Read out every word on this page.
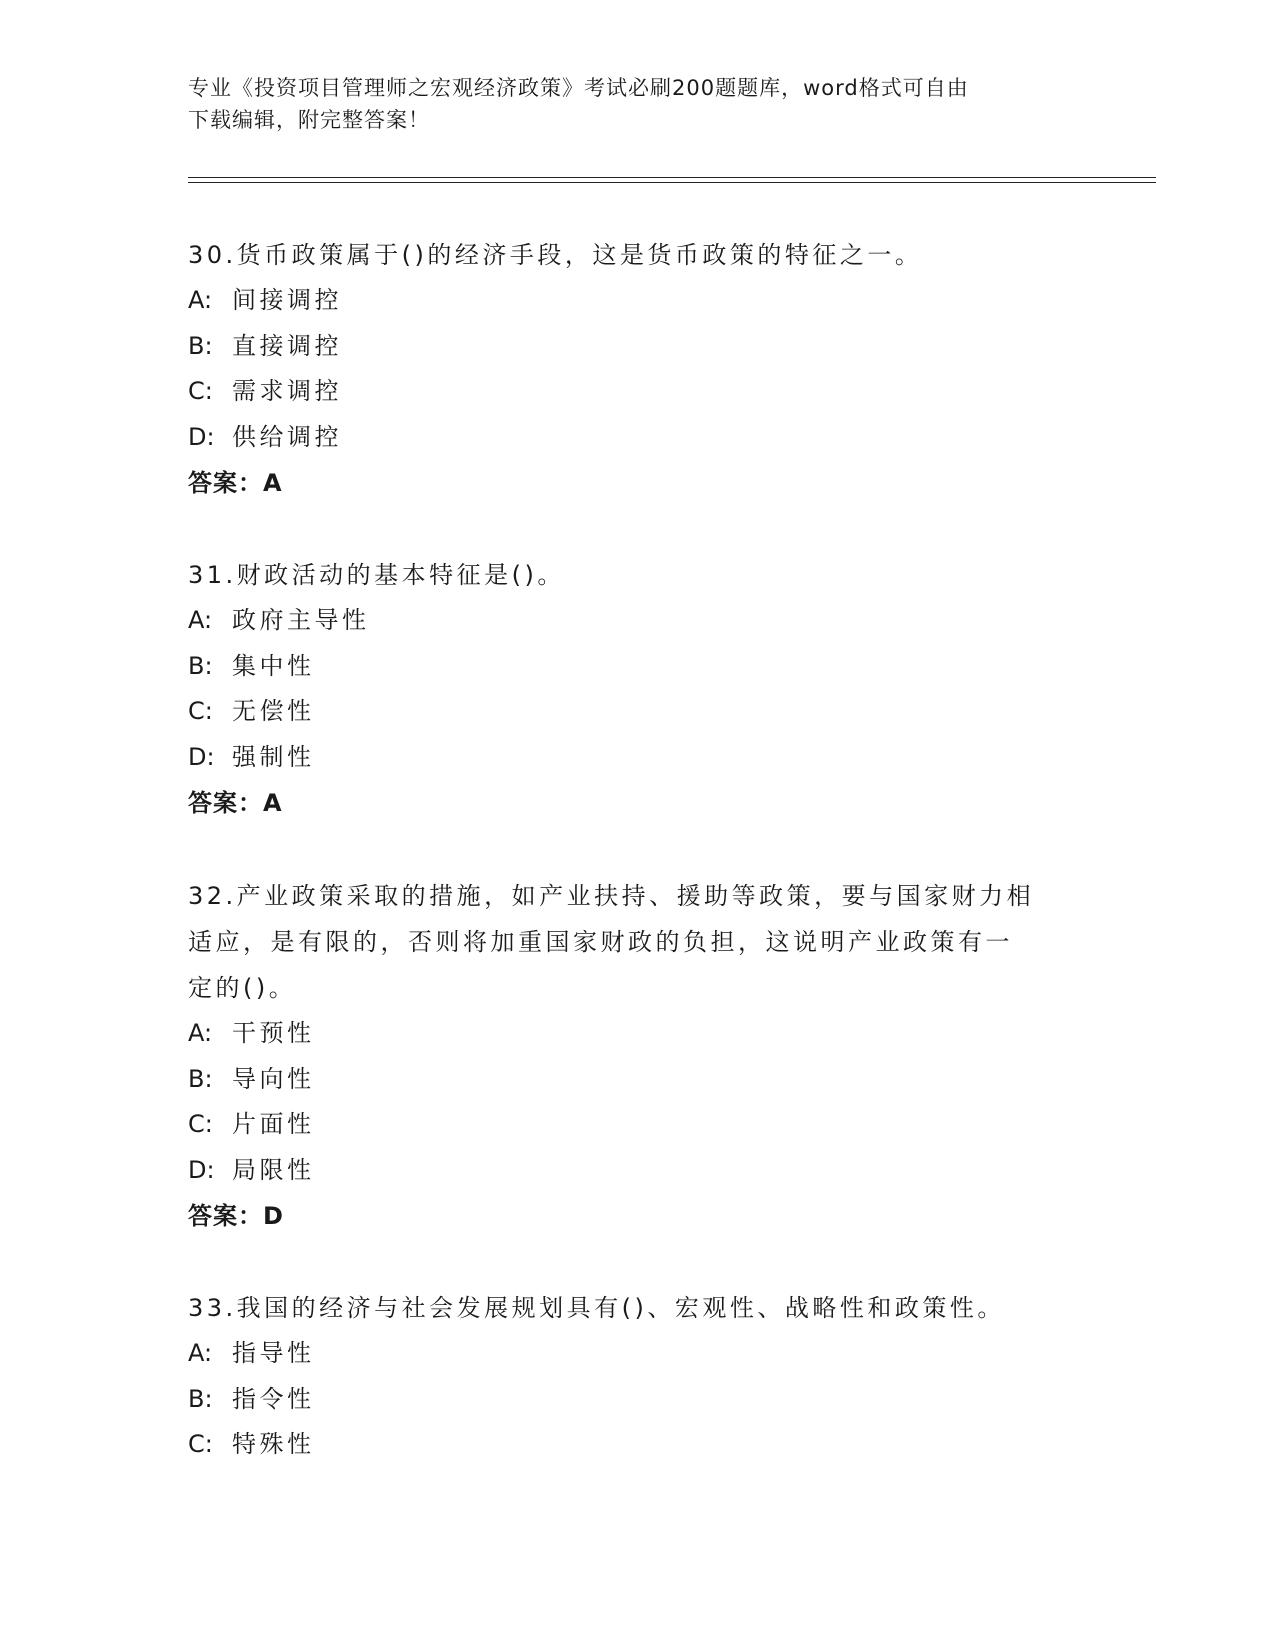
专业《投资项目管理师之宏观经济政策》考试必刷200题题库，word格式可自由
下载编辑，附完整答案！
30.货币政策属于()的经济手段，这是货币政策的特征之一。
A: 间接调控
B: 直接调控
C: 需求调控
D: 供给调控
答案：A
31.财政活动的基本特征是()。
A: 政府主导性
B: 集中性
C: 无偿性
D: 强制性
答案：A
32.产业政策采取的措施，如产业扶持、援助等政策，要与国家财力相
适应，是有限的，否则将加重国家财政的负担，这说明产业政策有一
定的()。
A: 干预性
B: 导向性
C: 片面性
D: 局限性
答案：D
33.我国的经济与社会发展规划具有()、宏观性、战略性和政策性。
A: 指导性
B: 指令性
C: 特殊性
